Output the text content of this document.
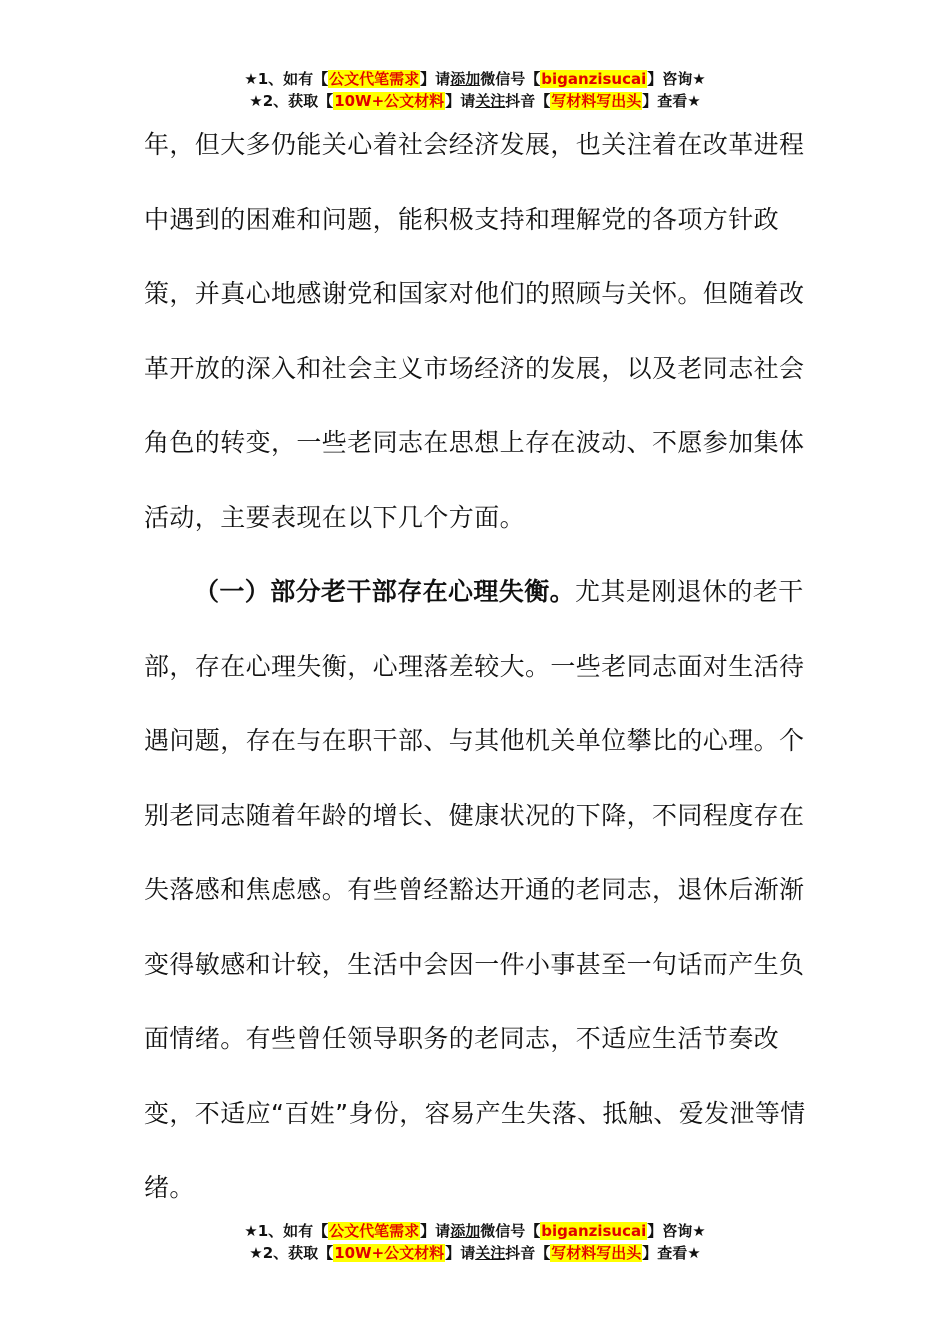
★1、如有【公文代笔需求】请添加微信号【biganzisucai】咨询★
★2、获取【10W+公文材料】请关注抖音【写材料写出头】查看★

年，但大多仍能关心着社会经济发展，也关注着在改革进程中遇到的困难和问题，能积极支持和理解党的各项方针政策，并真心地感谢党和国家对他们的照顾与关怀。但随着改革开放的深入和社会主义市场经济的发展，以及老同志社会角色的转变，一些老同志在思想上存在波动、不愿参加集体活动，主要表现在以下几个方面。

（一）部分老干部存在心理失衡。尤其是刚退休的老干部，存在心理失衡，心理落差较大。一些老同志面对生活待遇问题，存在与在职干部、与其他机关单位攀比的心理。个别老同志随着年龄的增长、健康状况的下降，不同程度存在失落感和焦虑感。有些曾经豁达开通的老同志，退休后渐渐变得敏感和计较，生活中会因一件小事甚至一句话而产生负面情绪。有些曾任领导职务的老同志，不适应生活节奏改变，不适应“百姓”身份，容易产生失落、抵触、爱发泄等情绪。

★1、如有【公文代笔需求】请添加微信号【biganzisucai】咨询★
★2、获取【10W+公文材料】请关注抖音【写材料写出头】查看★
